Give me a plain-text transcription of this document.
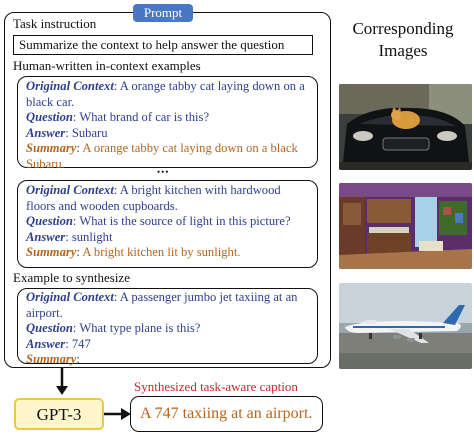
Prompt
Task instruction
Summarize the context to help answer the question
Human-written in-context examples
Original Context: A orange tabby cat laying down on a black car.
Question: What brand of car is this?
Answer: Subaru
Summary: A orange tabby cat laying down on a black Subaru.
•••
Original Context: A bright kitchen with hardwood floors and wooden cupboards.
Question: What is the source of light in this picture?
Answer: sunlight
Summary: A bright kitchen lit by sunlight.
Example to synthesize
Original Context: A passenger jumbo jet taxiing at an airport.
Question: What type plane is this?
Answer: 747
Summary:
Corresponding
Images
GPT-3
Synthesized task-aware caption
A 747 taxiing at an airport.
